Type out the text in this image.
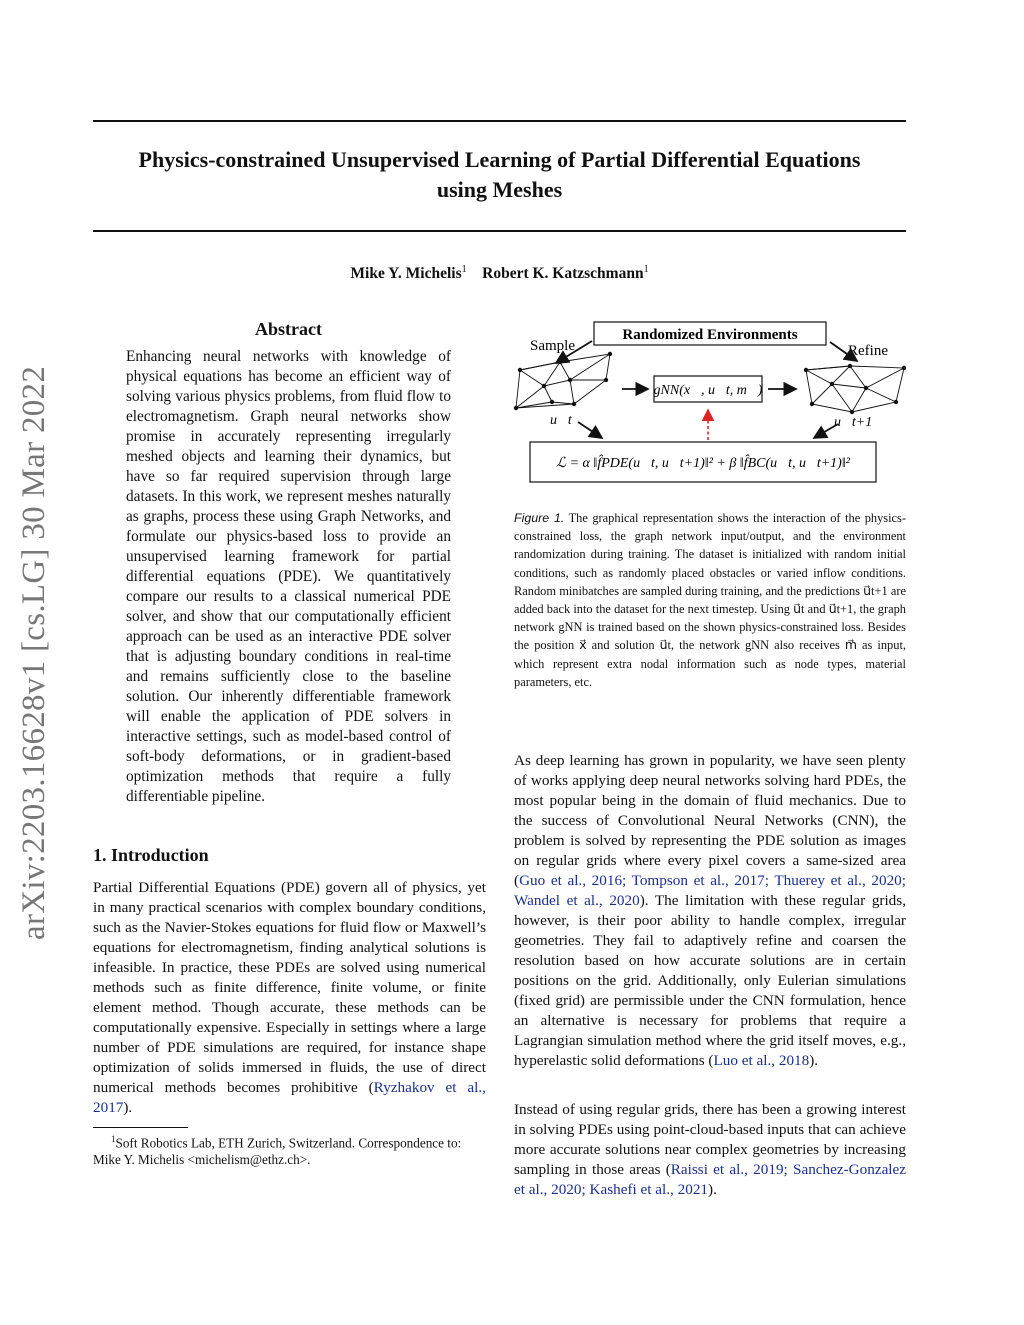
Physics-constrained Unsupervised Learning of Partial Differential Equations
using Meshes
Mike Y. Michelis$^1$ Robert K. Katzschmann$^1$
arXiv:2203.16628v1 [cs.LG] 30 Mar 2022
Abstract

Enhancing neural networks with knowledge of physical equations has become an efficient way of solving various physics problems, from fluid flow to electromagnetism. Graph neural networks show promise in accurately representing irregularly meshed objects and learning their dynamics, but have so far required supervision through large datasets. In this work, we represent meshes naturally as graphs, process these using Graph Networks, and formulate our physics-based loss to provide an unsupervised learning framework for partial differential equations (PDE). We quantitatively compare our results to a classical numerical PDE solver, and show that our computationally efficient approach can be used as an interactive PDE solver that is adjusting boundary conditions in real-time and remains sufficiently close to the baseline solution. Our inherently differentiable framework will enable the application of PDE solvers in interactive settings, such as model-based control of soft-body deformations, or in gradient-based optimization methods that require a fully differentiable pipeline.

1. Introduction

Partial Differential Equations (PDE) govern all of physics, yet in many practical scenarios with complex boundary conditions, such as the Navier-Stokes equations for fluid flow or Maxwell’s equations for electromagnetism, finding analytical solutions is infeasible. In practice, these PDEs are solved using numerical methods such as finite difference, finite volume, or finite element method. Though accurate, these methods can be computationally expensive. Especially in settings where a large number of PDE simulations are required, for instance shape optimization of solids immersed in fluids, the use of direct numerical methods becomes prohibitive (Ryzhakov et al., 2017).

$^1$Soft Robotics Lab, ETH Zurich, Switzerland. Correspondence to: Mike Y. Michelis <michelism@ethz.ch>.

Randomized Environments
Sample	Refine
u⃗t	u⃗t+1
gNN(x⃗, u⃗t, m⃗)
ℒ = α ‖f̂PDE(u⃗t, u⃗t+1)‖² + β ‖f̂BC(u⃗t, u⃗t+1)‖²

Figure 1. The graphical representation shows the interaction of the physics-constrained loss, the graph network input/output, and the environment randomization during training. The dataset is initialized with random initial conditions, such as randomly placed obstacles or varied inflow conditions. Random minibatches are sampled during training, and the predictions u⃗t+1 are added back into the dataset for the next timestep. Using u⃗t and u⃗t+1, the graph network gNN is trained based on the shown physics-constrained loss. Besides the position x⃗ and solution u⃗t, the network gNN also receives m⃗ as input, which represent extra nodal information such as node types, material parameters, etc.

As deep learning has grown in popularity, we have seen plenty of works applying deep neural networks solving hard PDEs, the most popular being in the domain of fluid mechanics. Due to the success of Convolutional Neural Networks (CNN), the problem is solved by representing the PDE solution as images on regular grids where every pixel covers a same-sized area (Guo et al., 2016; Tompson et al., 2017; Thuerey et al., 2020; Wandel et al., 2020). The limitation with these regular grids, however, is their poor ability to handle complex, irregular geometries. They fail to adaptively refine and coarsen the resolution based on how accurate solutions are in certain positions on the grid. Additionally, only Eulerian simulations (fixed grid) are permissible under the CNN formulation, hence an alternative is necessary for problems that require a Lagrangian simulation method where the grid itself moves, e.g., hyperelastic solid deformations (Luo et al., 2018).

Instead of using regular grids, there has been a growing interest in solving PDEs using point-cloud-based inputs that can achieve more accurate solutions near complex geometries by increasing sampling in those areas (Raissi et al., 2019; Sanchez-Gonzalez et al., 2020; Kashefi et al., 2021).
